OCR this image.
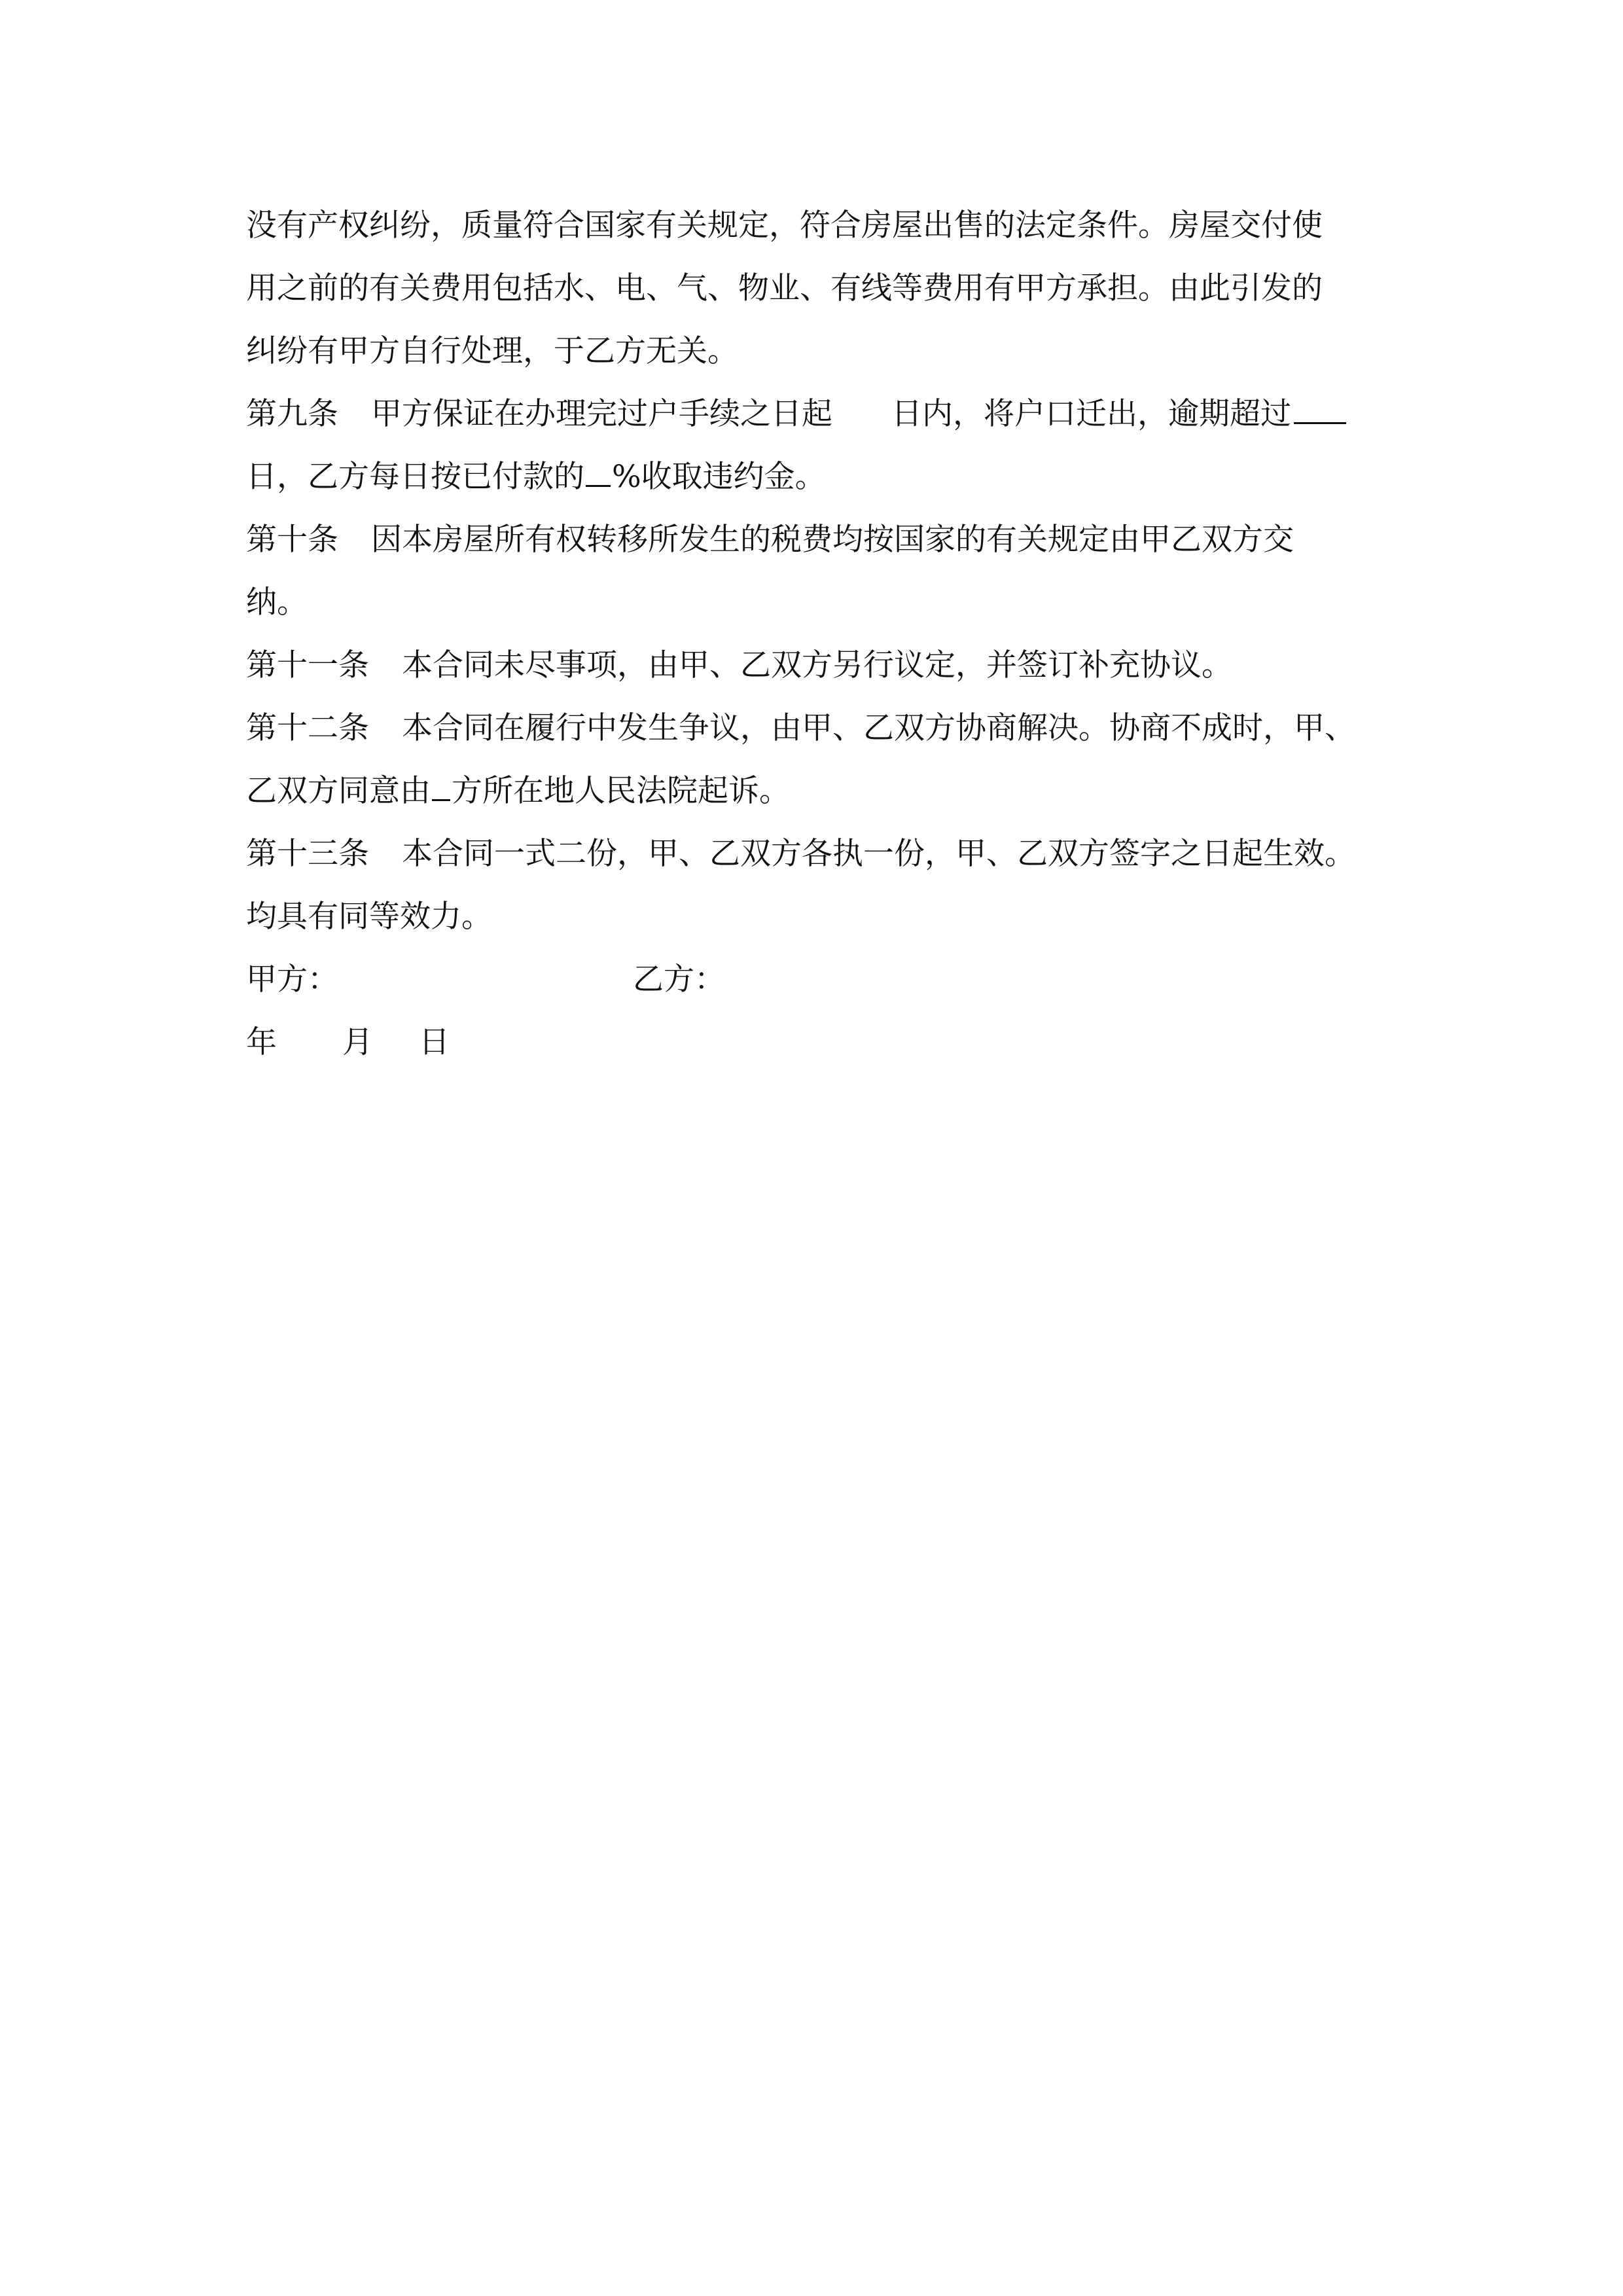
没有产权纠纷，质量符合国家有关规定，符合房屋出售的法定条件。房屋交付使
用之前的有关费用包括水、电、气、物业、有线等费用有甲方承担。由此引发的
纠纷有甲方自行处理，于乙方无关。
第九条 甲方保证在办理完过户手续之日起 日内，将户口迁出，逾期超过
日，乙方每日按已付款的 %收取违约金。
第十条 因本房屋所有权转移所发生的税费均按国家的有关规定由甲乙双方交
纳。
第十一条 本合同未尽事项，由甲、乙双方另行议定，并签订补充协议。
第十二条 本合同在履行中发生争议，由甲、乙双方协商解决。协商不成时，甲、
乙双方同意由 方所在地人民法院起诉。
第十三条 本合同一式二份，甲、乙双方各执一份，甲、乙双方签字之日起生效。
均具有同等效力。
甲方：	乙方：
年 月 日
